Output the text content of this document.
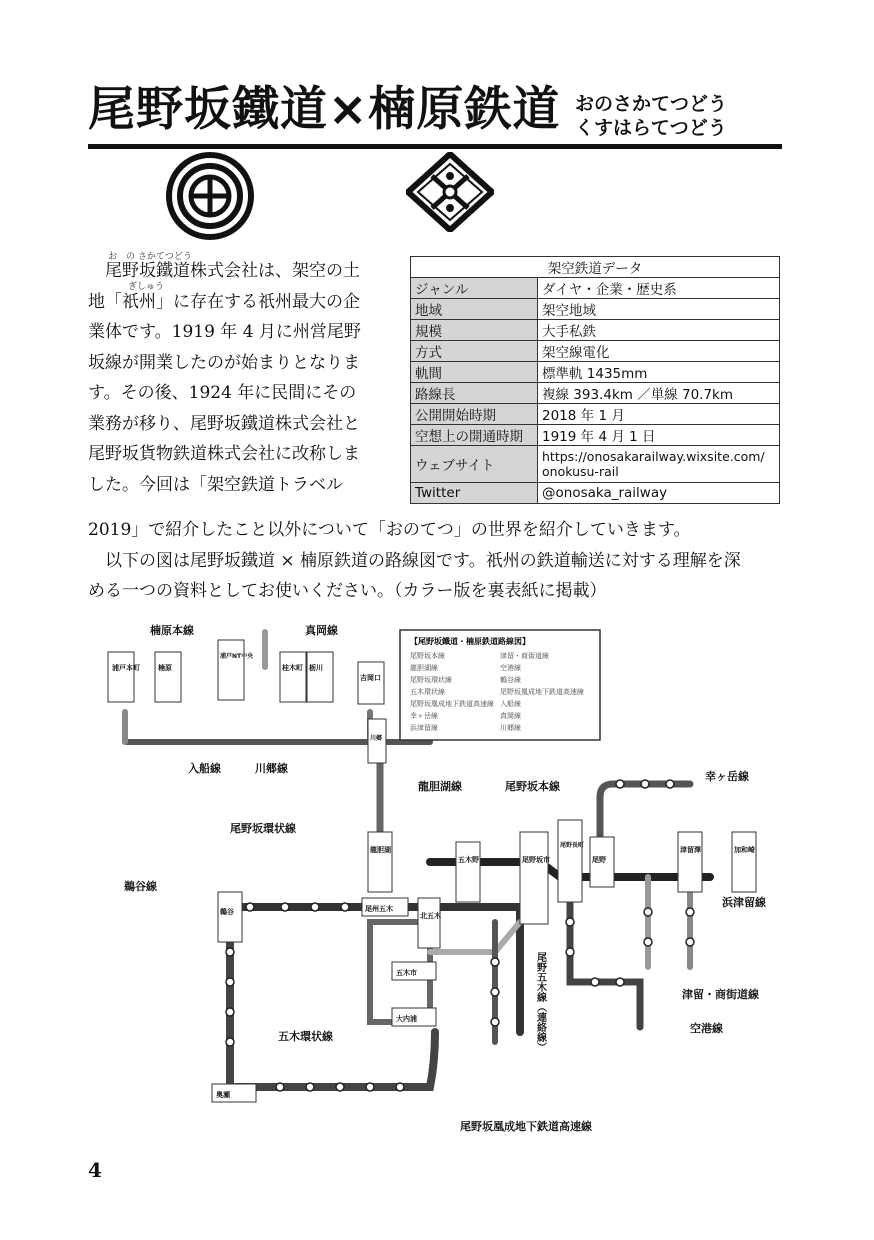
尾野坂鐵道×楠原鉄道 おのさかてつどう
くすはらてつどう
お　の さかてつどう
ぎしゅう
　尾野坂鐵道株式会社は、架空の土
地「祇州」に存在する祇州最大の企
業体です。1919 年 4 月に州営尾野
坂線が開業したのが始まりとなりま
す。その後、1924 年に民間にその
業務が移り、尾野坂鐵道株式会社と
尾野坂貨物鉄道株式会社に改称しま
した。今回は「架空鉄道トラベル
2019」で紹介したこと以外について「おのてつ」の世界を紹介していきます。
　以下の図は尾野坂鐵道 × 楠原鉄道の路線図です。祇州の鉄道輸送に対する理解を深
める一つの資料としてお使いください。（カラー版を裏表紙に掲載）
架空鉄道データ	
ジャンル	ダイヤ・企業・歴史系
地域	架空地域
規模	大手私鉄
方式	架空線電化
軌間	標準軌 1435mm
路線長	複線 393.4km ／単線 70.7km
公開開始時期	2018 年 1 月
空想上の開通時期	1919 年 4 月 1 日
ウェブサイト	https://onosakarailway.wixsite.com/
onokusu-rail

Twitter	@onosaka_railway
【尾野坂鐵道・楠原鉄道路線図】
尾野坂本線
龍胆湖線
尾野坂環状線
五木環状線
尾野坂凰成地下鉄道高速線
幸ヶ岳線
浜津留線
津留・商街道線
空港線
鶴谷線
尾野坂凰成地下鉄道高速線
入船線
真岡線
川郷線
浦戸本町	楠原
浦戸NT中央
桂木町 栃川
吉岡口
川郷
龍胆湖
五木野	尾野坂市
尾野長町
尾野
津留澤	加和崎
鵜谷	尾州五木
北五木
五木市
大内浦
奥瀬
楠原本線	真岡線
入船線	川郷線
龍胆湖線	尾野坂本線
幸ヶ岳線
尾野坂環状線
鵜谷線
浜津留線
津留・商街道線
五木環状線
空港線
尾野五木線（連絡線）
尾野坂凰成地下鉄道高速線
4
